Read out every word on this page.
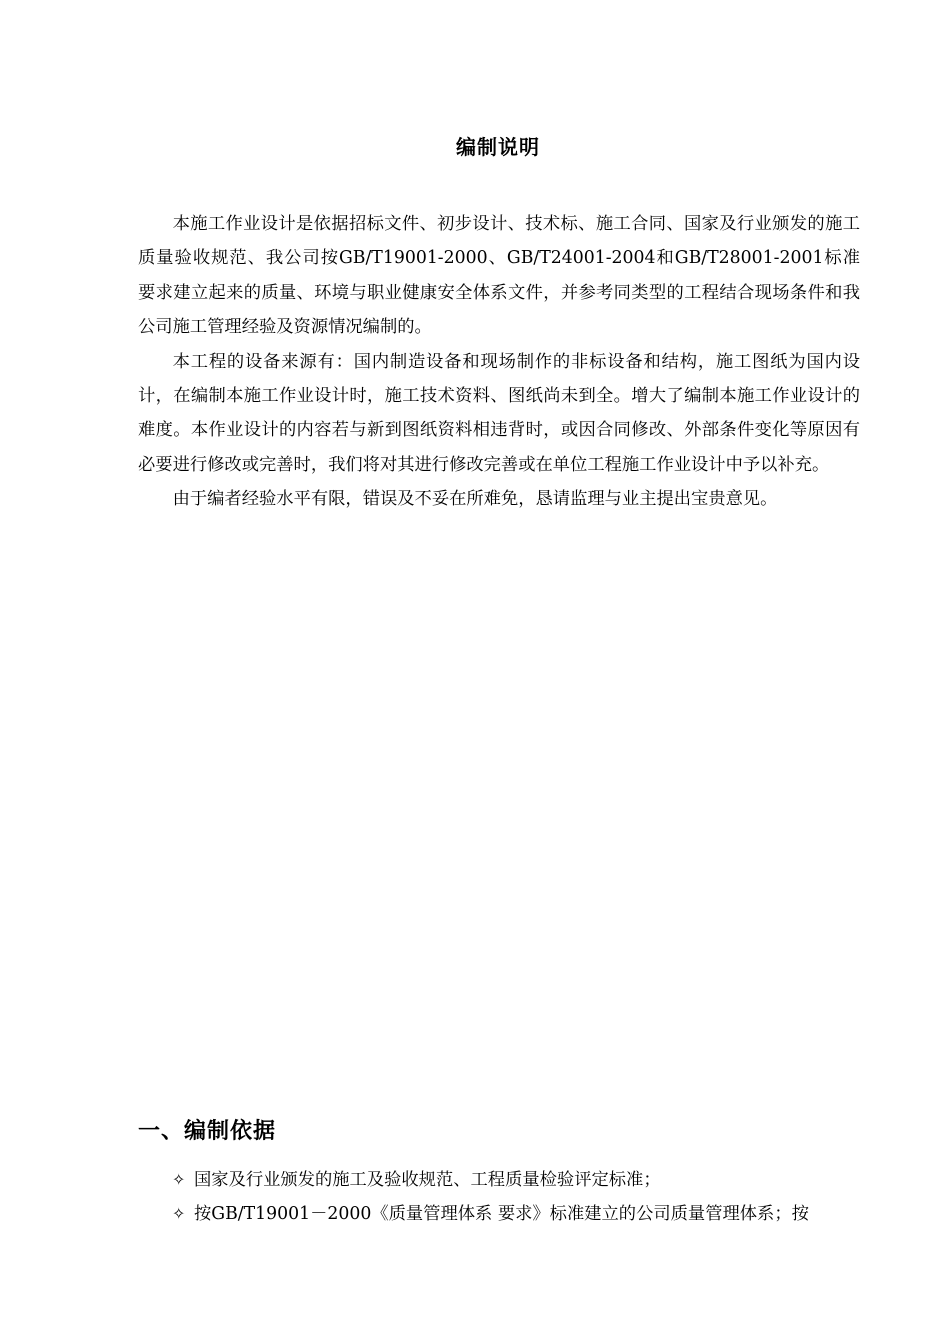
编制说明

本施工作业设计是依据招标文件、初步设计、技术标、施工合同、国家及行业颁发的施工质量验收规范、我公司按GB/T19001-2000、GB/T24001-2004和GB/T28001-2001标准要求建立起来的质量、环境与职业健康安全体系文件，并参考同类型的工程结合现场条件和我公司施工管理经验及资源情况编制的。

本工程的设备来源有：国内制造设备和现场制作的非标设备和结构，施工图纸为国内设计，在编制本施工作业设计时，施工技术资料、图纸尚未到全。增大了编制本施工作业设计的难度。本作业设计的内容若与新到图纸资料相违背时，或因合同修改、外部条件变化等原因有必要进行修改或完善时，我们将对其进行修改完善或在单位工程施工作业设计中予以补充。

由于编者经验水平有限，错误及不妥在所难免，恳请监理与业主提出宝贵意见。

一、编制依据
✧ 国家及行业颁发的施工及验收规范、工程质量检验评定标准；
✧ 按GB/T19001－2000《质量管理体系 要求》标准建立的公司质量管理体系；按
